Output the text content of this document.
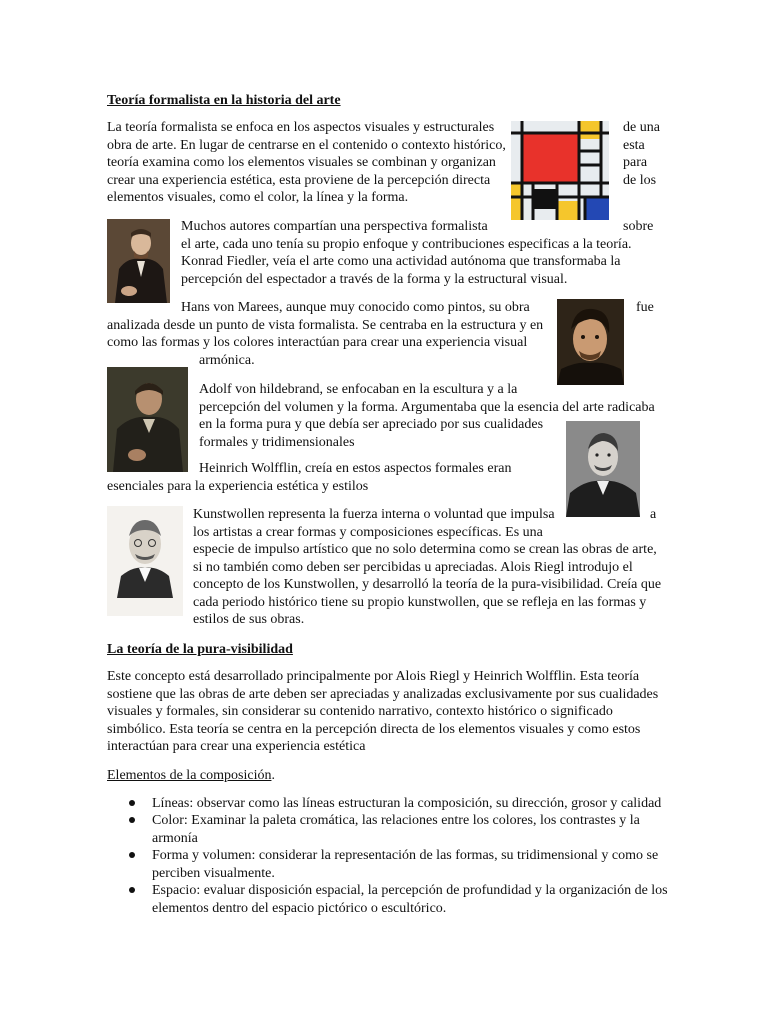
Teoría formalista en la historia del arte
La teoría formalista se enfoca en los aspectos visuales y estructurales
obra de arte. En lugar de centrarse en el contenido o contexto histórico,
teoría examina como los elementos visuales se combinan y organizan
crear una experiencia estética, esta proviene de la percepción directa
elementos visuales, como el color, la línea y la forma.
de una
esta
para
de los
Muchos autores compartían una perspectiva formalista	sobre
el arte, cada uno tenía su propio enfoque y contribuciones especificas a la teoría.
Konrad Fiedler, veía el arte como una actividad autónoma que transformaba la
percepción del espectador a través de la forma y la estructural visual.
Hans von Marees, aunque muy conocido como pintos, su obra	fue
analizada desde un punto de vista formalista. Se centraba en la estructura y en
como las formas y los colores interactúan para crear una experiencia visual
armónica.
Adolf von hildebrand, se enfocaban en la escultura y a la
percepción del volumen y la forma. Argumentaba que la esencia del arte radicaba
en la forma pura y que debía ser apreciado por sus cualidades
formales y tridimensionales
Heinrich Wolfflin, creía en estos aspectos formales eran
esenciales para la experiencia estética y estilos
Kunstwollen representa la fuerza interna o voluntad que impulsa	a
los artistas a crear formas y composiciones específicas. Es una
especie de impulso artístico que no solo determina como se crean las obras de arte,
si no también como deben ser percibidas u apreciadas. Alois Riegl introdujo el
concepto de los Kunstwollen, y desarrolló la teoría de la pura-visibilidad. Creía que
cada periodo histórico tiene su propio kunstwollen, que se refleja en las formas y
estilos de sus obras.
La teoría de la pura-visibilidad
Este concepto está desarrollado principalmente por Alois Riegl y Heinrich Wolfflin. Esta teoría
sostiene que las obras de arte deben ser apreciadas y analizadas exclusivamente por sus cualidades
visuales y formales, sin considerar su contenido narrativo, contexto histórico o significado
simbólico. Esta teoría se centra en la percepción directa de los elementos visuales y como estos
interactúan para crear una experiencia estética
Elementos de la composición.
Líneas: observar como las líneas estructuran la composición, su dirección, grosor y calidad
Color: Examinar la paleta cromática, las relaciones entre los colores, los contrastes y la
armonía
Forma y volumen: considerar la representación de las formas, su tridimensional y como se
perciben visualmente.
Espacio: evaluar disposición espacial, la percepción de profundidad y la organización de los
elementos dentro del espacio pictórico o escultórico.
